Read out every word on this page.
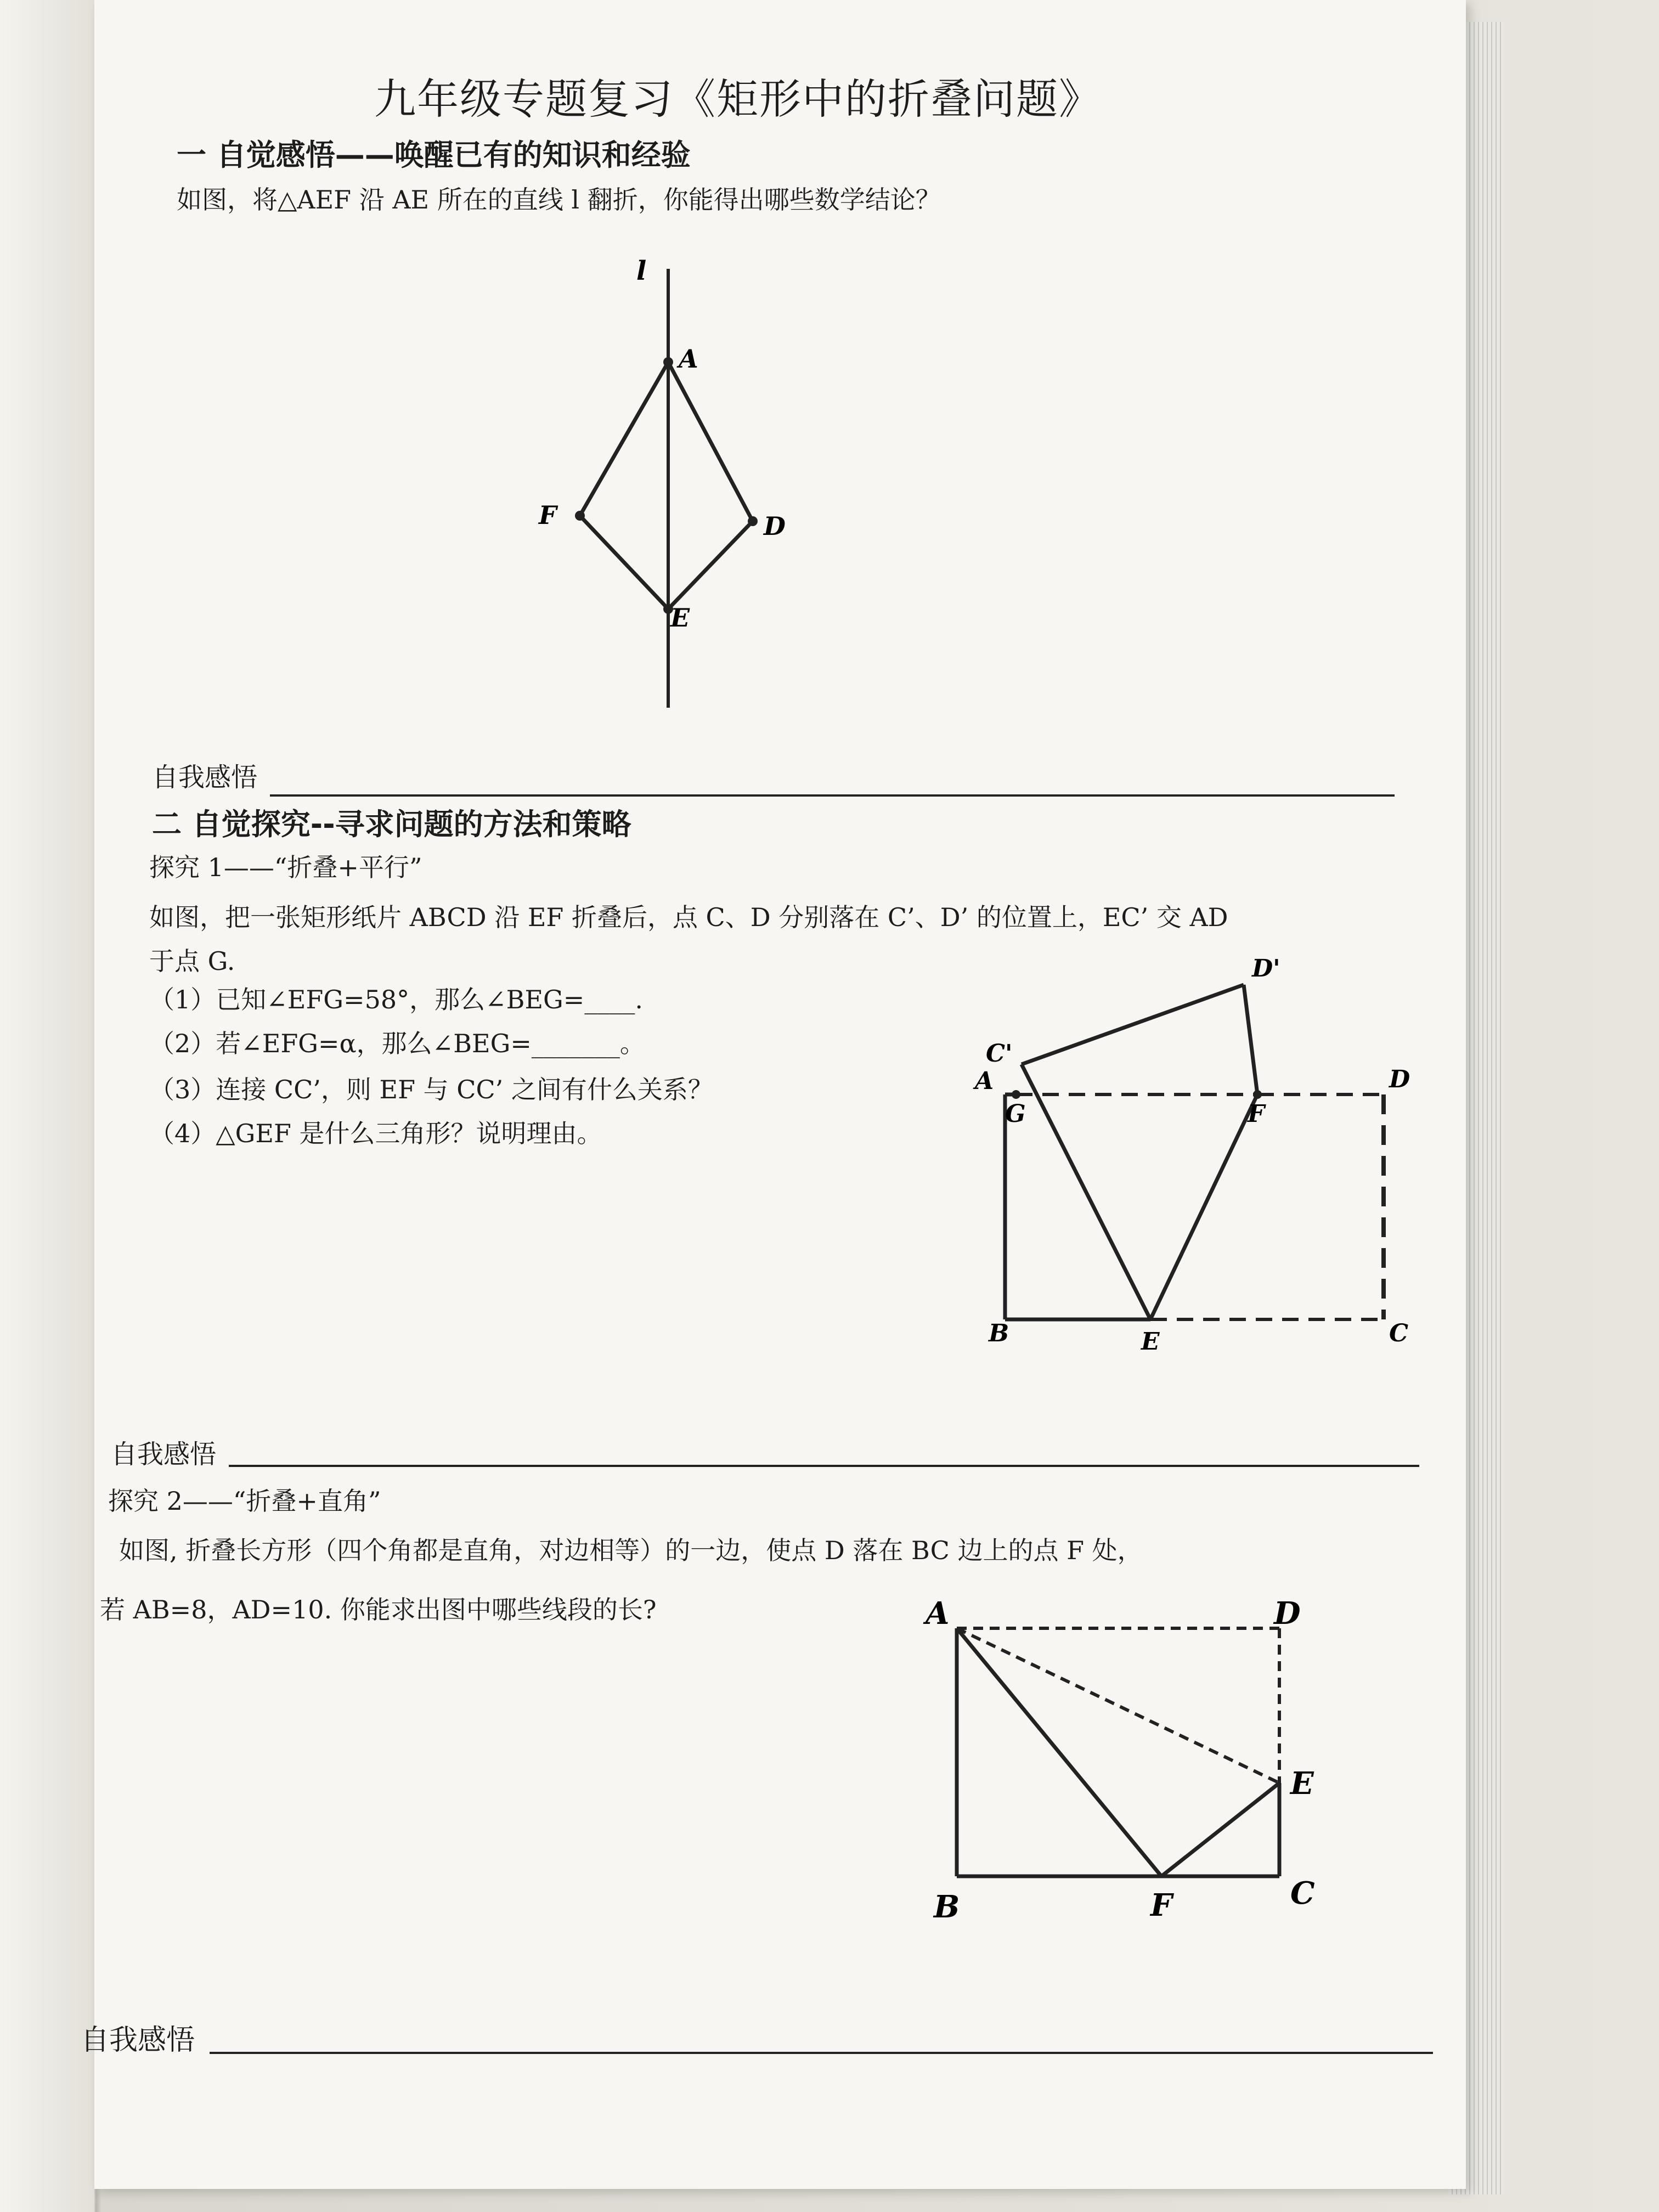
九年级专题复习《矩形中的折叠问题》
一 自觉感悟——唤醒已有的知识和经验
如图，将△AEF 沿 AE 所在的直线 l 翻折，你能得出哪些数学结论？
l
A
F	D
E
自我感悟
二 自觉探究--寻求问题的方法和策略
探究 1——“折叠+平行”
如图，把一张矩形纸片 ABCD 沿 EF 折叠后，点 C、D 分别落在 C’、D’ 的位置上，EC’ 交 AD
于点 G.
（1）已知∠EFG=58°，那么∠BEG=____.
（2）若∠EFG=α，那么∠BEG=_______。
（3）连接 CC’，则 EF 与 CC’ 之间有什么关系？
（4）△GEF 是什么三角形？说明理由。
D'
C'
A
G	F
D
B	E	C
自我感悟
探究 2——“折叠+直角”
如图, 折叠长方形（四个角都是直角，对边相等）的一边，使点 D 落在 BC 边上的点 F 处，
若 AB=8，AD=10. 你能求出图中哪些线段的长?	A	D
E
B	F	C
自我感悟
